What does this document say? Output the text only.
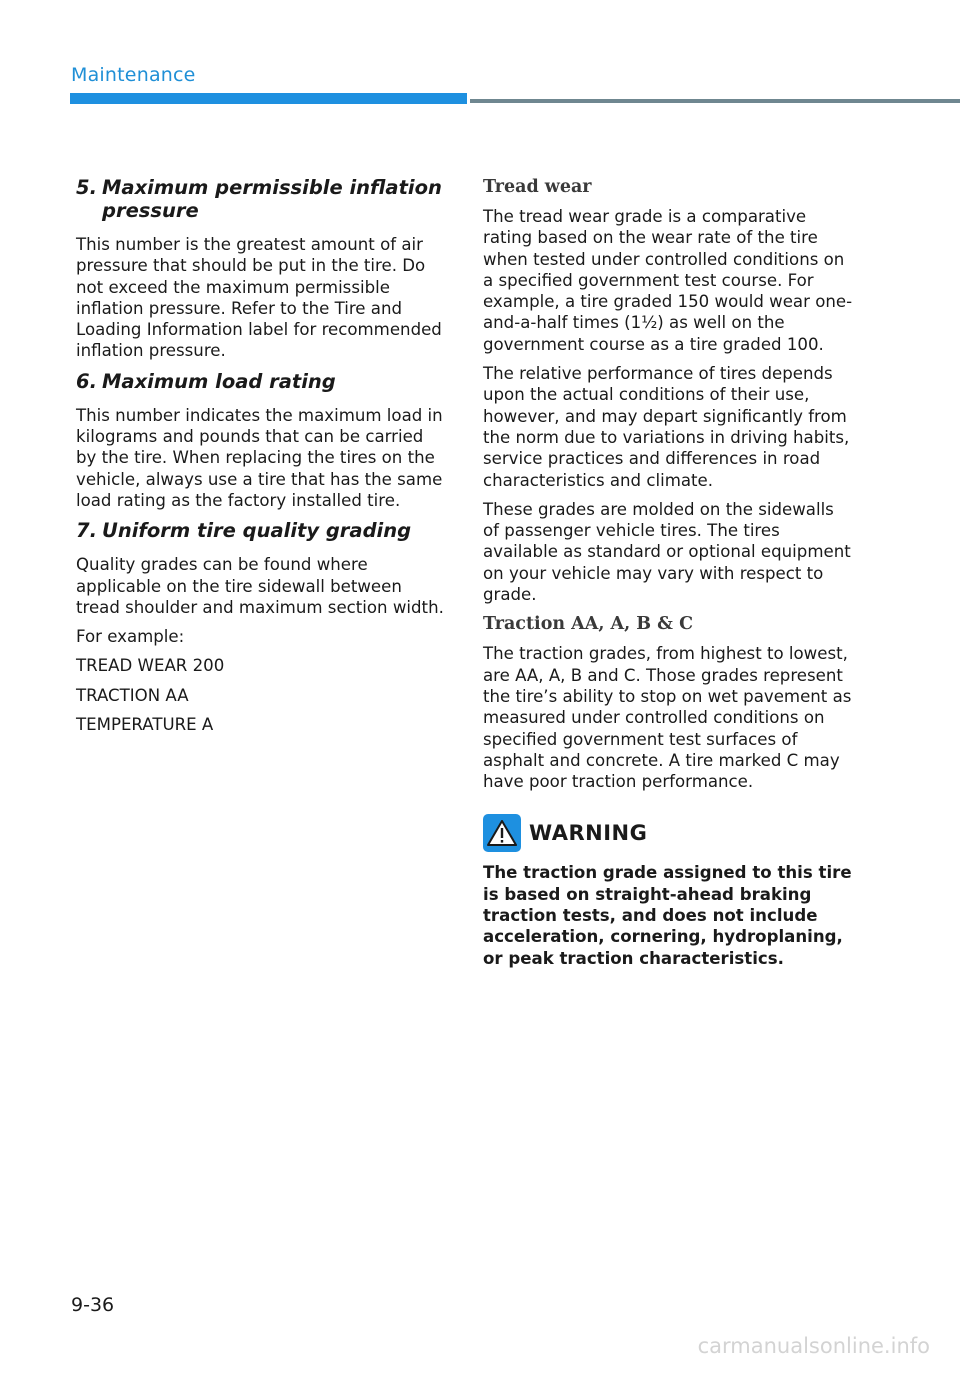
Maintenance
5. Maximum permissible inflation pressure

This number is the greatest amount of air pressure that should be put in the tire. Do not exceed the maximum permissible inflation pressure. Refer to the Tire and Loading Information label for recommended inflation pressure.

6. Maximum load rating

This number indicates the maximum load in kilograms and pounds that can be carried by the tire. When replacing the tires on the vehicle, always use a tire that has the same load rating as the factory installed tire.

7. Uniform tire quality grading

Quality grades can be found where applicable on the tire sidewall between tread shoulder and maximum section width.

For example:

TREAD WEAR 200

TRACTION AA

TEMPERATURE A

Tread wear

The tread wear grade is a comparative rating based on the wear rate of the tire when tested under controlled conditions on a specified government test course. For example, a tire graded 150 would wear one-and-a-half times (1½) as well on the government course as a tire graded 100.

The relative performance of tires depends upon the actual conditions of their use, however, and may depart significantly from the norm due to variations in driving habits, service practices and differences in road characteristics and climate.

These grades are molded on the sidewalls of passenger vehicle tires. The tires available as standard or optional equipment on your vehicle may vary with respect to grade.

Traction AA, A, B & C

The traction grades, from highest to lowest, are AA, A, B and C. Those grades represent the tire’s ability to stop on wet pavement as measured under controlled conditions on specified government test surfaces of asphalt and concrete. A tire marked C may have poor traction performance.

WARNING

The traction grade assigned to this tire is based on straight-ahead braking traction tests, and does not include acceleration, cornering, hydroplaning, or peak traction characteristics.

9-36
carmanualsonline.info
